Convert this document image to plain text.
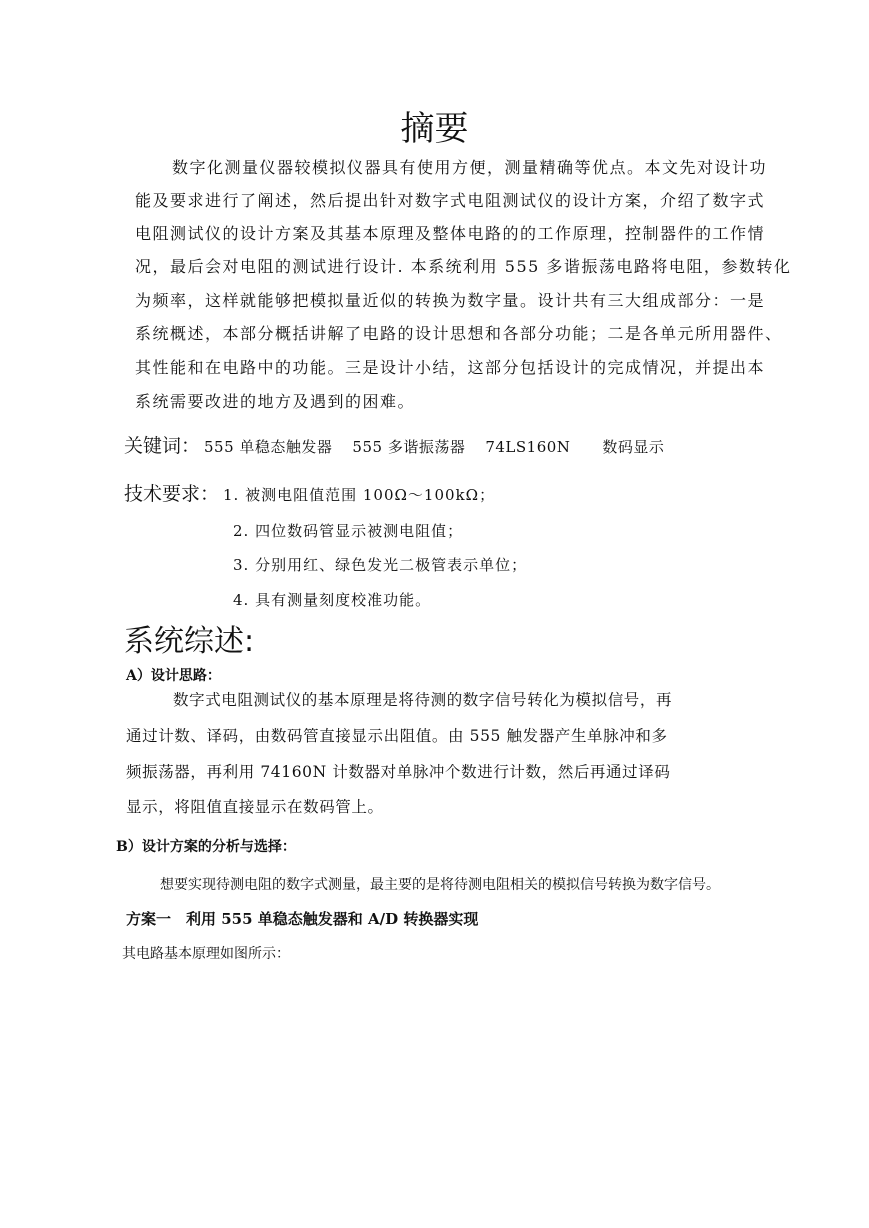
摘要
数字化测量仪器较模拟仪器具有使用方便，测量精确等优点。本文先对设计功
能及要求进行了阐述，然后提出针对数字式电阻测试仪的设计方案，介绍了数字式
电阻测试仪的设计方案及其基本原理及整体电路的的工作原理，控制器件的工作情
况，最后会对电阻的测试进行设计. 本系统利用 555 多谐振荡电路将电阻，参数转化
为频率，这样就能够把模拟量近似的转换为数字量。设计共有三大组成部分：一是
系统概述，本部分概括讲解了电路的设计思想和各部分功能；二是各单元所用器件、
其性能和在电路中的功能。三是设计小结，这部分包括设计的完成情况，并提出本
系统需要改进的地方及遇到的困难。
关键词： 555 单稳态触发器 555 多谐振荡器 74LS160N 数码显示
技术要求： 1. 被测电阻值范围 100Ω～100kΩ；
2. 四位数码管显示被测电阻值；
3. 分别用红、绿色发光二极管表示单位；
4. 具有测量刻度校准功能。
系统综述:
A）设计思路：
数字式电阻测试仪的基本原理是将待测的数字信号转化为模拟信号，再
通过计数、译码，由数码管直接显示出阻值。由 555 触发器产生单脉冲和多
频振荡器，再利用 74160N 计数器对单脉冲个数进行计数，然后再通过译码
显示，将阻值直接显示在数码管上。
B）设计方案的分析与选择：
想要实现待测电阻的数字式测量，最主要的是将待测电阻相关的模拟信号转换为数字信号。
方案一　利用 555 单稳态触发器和 A/D 转换器实现
其电路基本原理如图所示：
